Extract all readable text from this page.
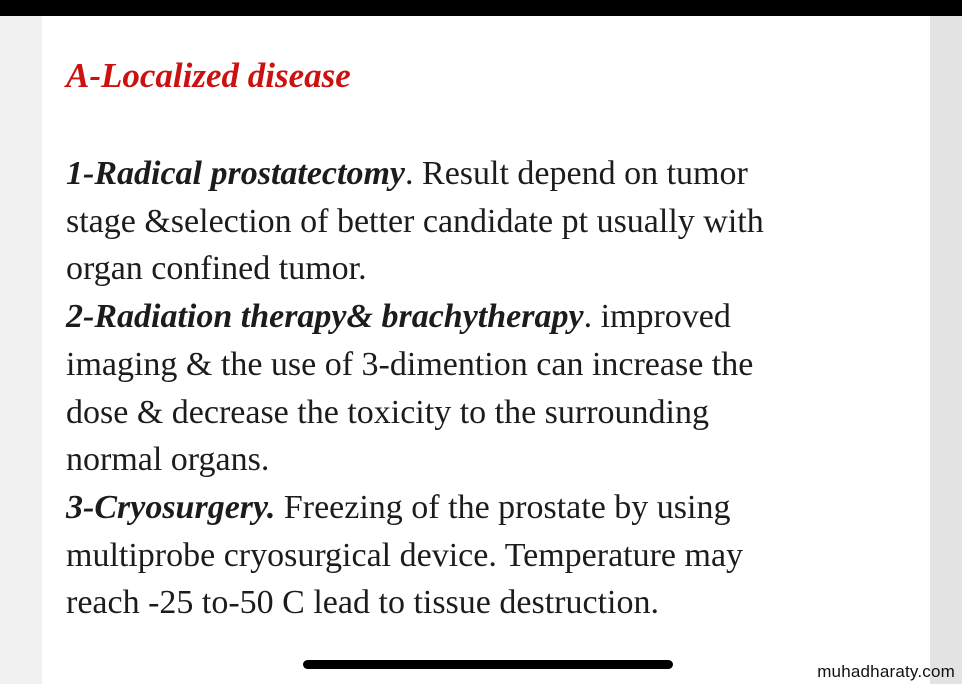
A-Localized disease
1-Radical prostatectomy. Result depend on tumor
stage &selection of better candidate pt usually with
organ confined tumor.
2-Radiation therapy& brachytherapy. improved
imaging & the use of 3-dimention can increase the
dose & decrease the toxicity to the surrounding
normal organs.
3-Cryosurgery. Freezing of the prostate by using
multiprobe cryosurgical device. Temperature may
reach -25 to-50 C lead to tissue destruction.
muhadharaty.com
